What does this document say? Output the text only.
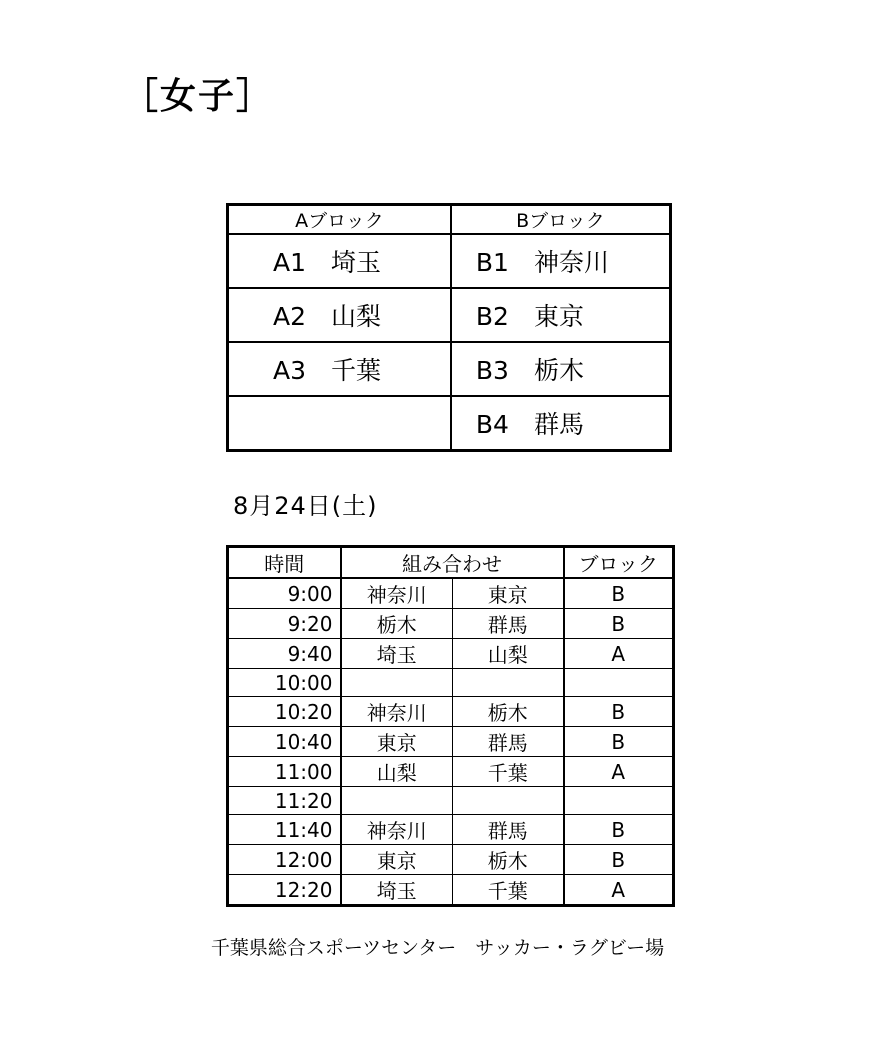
［女子］
Aブロック	Bブロック
A1　埼玉	B1　神奈川
A2　山梨	B2　東京
A3　千葉	B3　栃木
	B4　群馬
8月24日(土)
時間	組み合わせ		ブロック
9:00	神奈川	東京	B
9:20	栃木	群馬	B
9:40	埼玉	山梨	A
10:00			
10:20	神奈川	栃木	B
10:40	東京	群馬	B
11:00	山梨	千葉	A
11:20			
11:40	神奈川	群馬	B
12:00	東京	栃木	B
12:20	埼玉	千葉	A
千葉県総合スポーツセンター　サッカー・ラグビー場
